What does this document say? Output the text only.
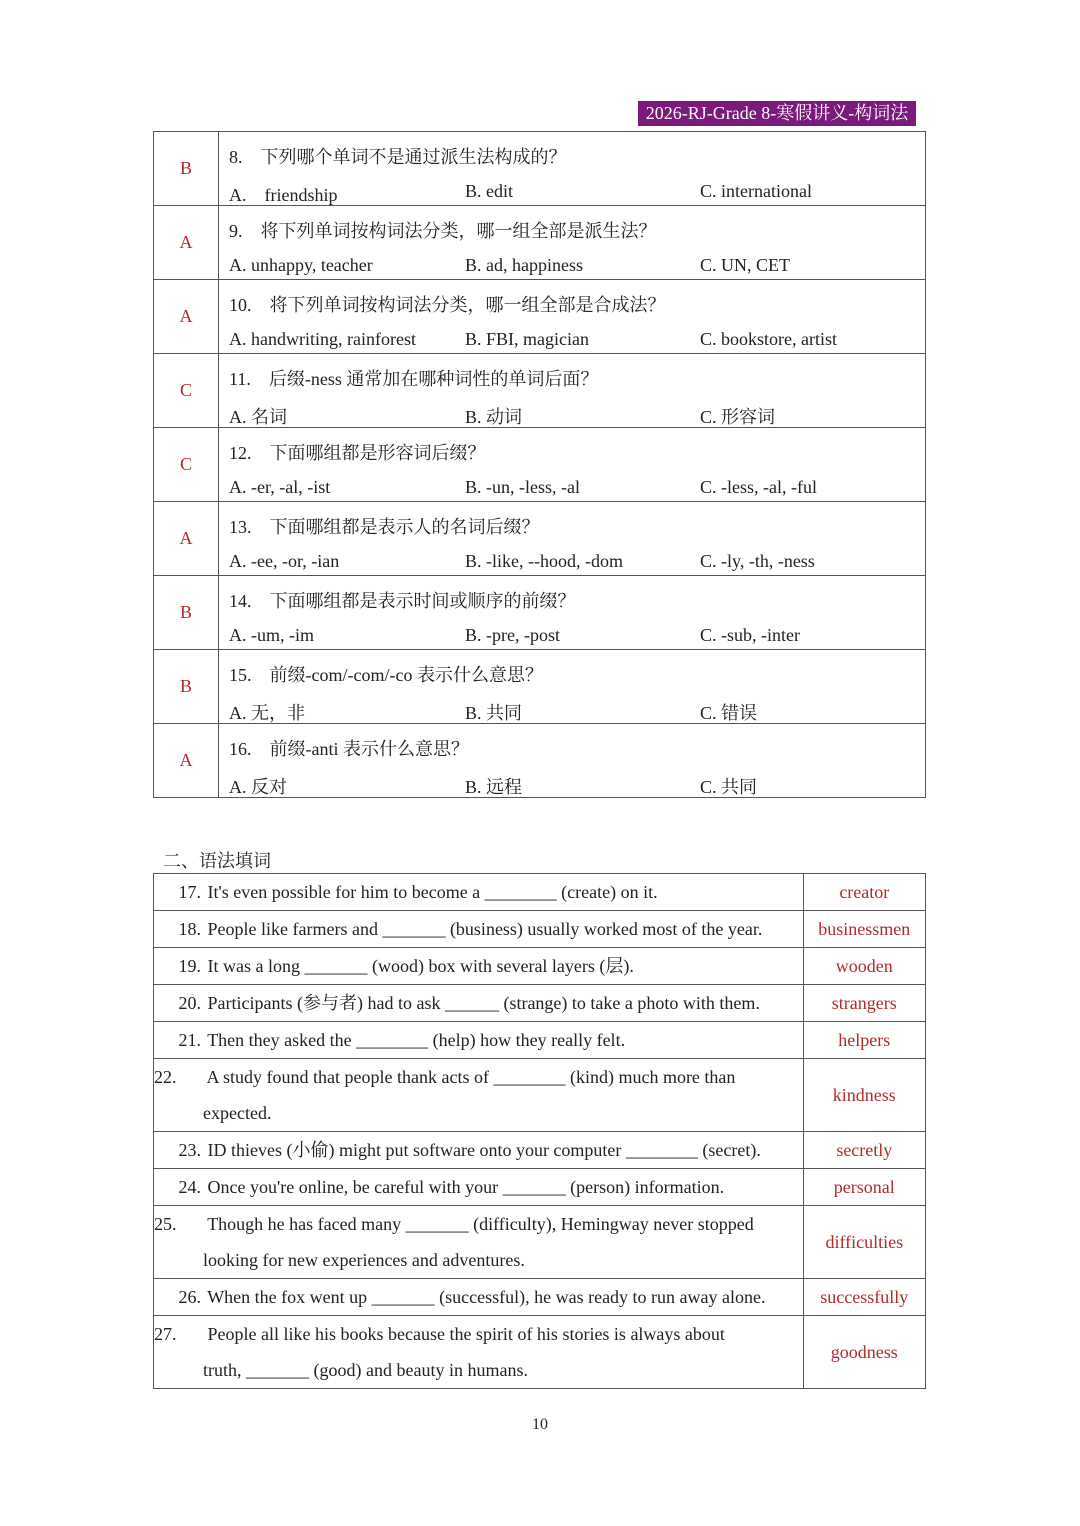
2026-RJ-Grade 8-寒假讲义-构词法
B	8.　下列哪个单词不是通过派生法构成的？
A.　friendship B. edit C. international

A	9.　将下列单词按构词法分类，哪一组全部是派生法？
A. unhappy, teacher B. ad, happiness C. UN, CET

A	10.　将下列单词按构词法分类，哪一组全部是合成法？
A. handwriting, rainforest B. FBI, magician C. bookstore, artist

C	11.　后缀-ness 通常加在哪种词性的单词后面？
A. 名词 B. 动词 C. 形容词

C	12.　下面哪组都是形容词后缀？
A. -er, -al, -ist B. -un, -less, -al C. -less, -al, -ful

A	13.　下面哪组都是表示人的名词后缀？
A. -ee, -or, -ian B. -like, --hood, -dom C. -ly, -th, -ness

B	14.　下面哪组都是表示时间或顺序的前缀？
A. -um, -im B. -pre, -post C. -sub, -inter

B	15.　前缀-com/-com/-co 表示什么意思？
A. 无，非 B. 共同 C. 错误

A	16.　前缀-anti 表示什么意思？
A. 反对 B. 远程 C. 共同
二、语法填词
17. It's even possible for him to become a ________ (create) on it.	creator
18. People like farmers and _______ (business) usually worked most of the year.	businessmen
19. It was a long _______ (wood) box with several layers (层).	wooden
20. Participants (参与者) had to ask ______ (strange) to take a photo with them.	strangers
21. Then they asked the ________ (help) how they really felt.	helpers

22. A study found that people thank acts of ________ (kind) much more than
expected.	kindness
23. ID thieves (小偷) might put software onto your computer ________ (secret).	secretly
24. Once you're online, be careful with your _______ (person) information.	personal

25. Though he has faced many _______ (difficulty), Hemingway never stopped
looking for new experiences and adventures.	difficulties
26. When the fox went up _______ (successful), he was ready to run away alone.	successfully

27. People all like his books because the spirit of his stories is always about
truth, _______ (good) and beauty in humans.	goodness
10
